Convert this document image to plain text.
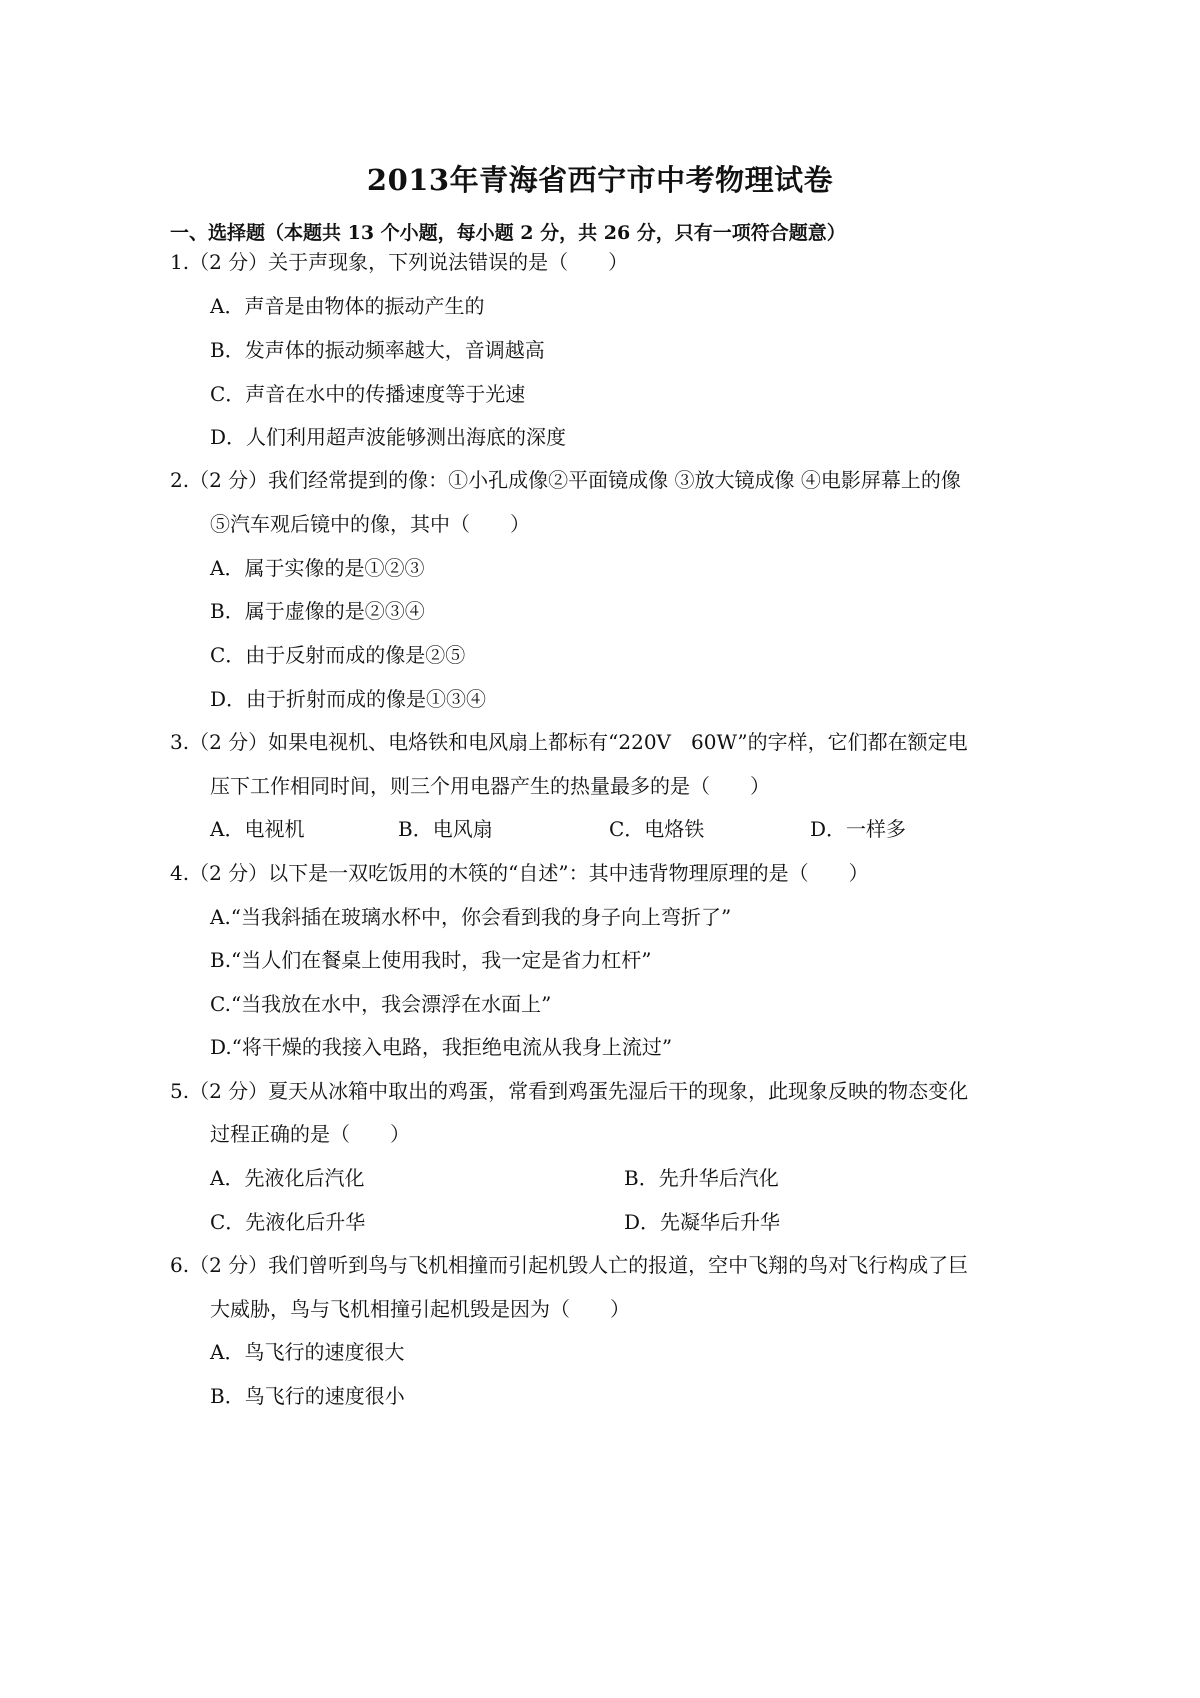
2013年青海省西宁市中考物理试卷
一、选择题（本题共 13 个小题，每小题 2 分，共 26 分，只有一项符合题意）
1.（2 分）关于声现象，下列说法错误的是（　　）
A．声音是由物体的振动产生的
B．发声体的振动频率越大，音调越高
C．声音在水中的传播速度等于光速
D．人们利用超声波能够测出海底的深度
2.（2 分）我们经常提到的像：①小孔成像②平面镜成像 ③放大镜成像 ④电影屏幕上的像
⑤汽车观后镜中的像，其中（　　）
A．属于实像的是①②③
B．属于虚像的是②③④
C．由于反射而成的像是②⑤
D．由于折射而成的像是①③④
3.（2 分）如果电视机、电烙铁和电风扇上都标有“220V　60W”的字样，它们都在额定电
压下工作相同时间，则三个用电器产生的热量最多的是（　　）
A．电视机	B．电风扇	C．电烙铁	D．一样多
4.（2 分）以下是一双吃饭用的木筷的“自述”：其中违背物理原理的是（　　）
A.“当我斜插在玻璃水杯中，你会看到我的身子向上弯折了”
B.“当人们在餐桌上使用我时，我一定是省力杠杆”
C.“当我放在水中，我会漂浮在水面上”
D.“将干燥的我接入电路，我拒绝电流从我身上流过”
5.（2 分）夏天从冰箱中取出的鸡蛋，常看到鸡蛋先湿后干的现象，此现象反映的物态变化
过程正确的是（　　）
A．先液化后汽化	B．先升华后汽化
C．先液化后升华	D．先凝华后升华
6.（2 分）我们曾听到鸟与飞机相撞而引起机毁人亡的报道，空中飞翔的鸟对飞行构成了巨
大威胁，鸟与飞机相撞引起机毁是因为（　　）
A．鸟飞行的速度很大
B．鸟飞行的速度很小
